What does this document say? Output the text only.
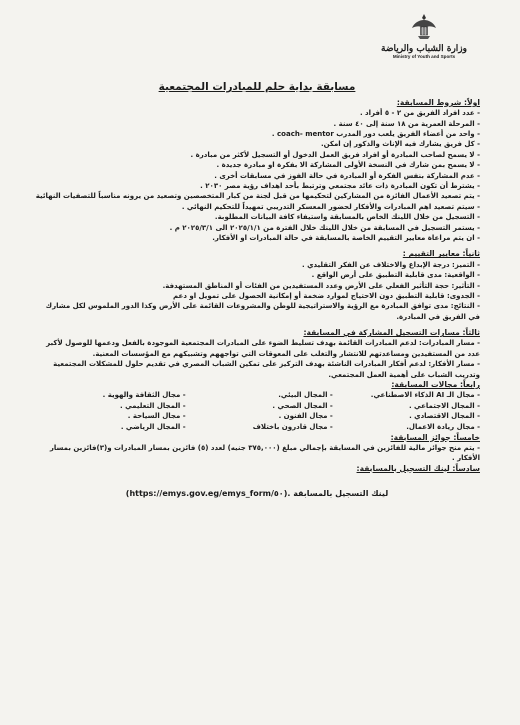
وزارة الشباب والرياضة
Ministry of Youth and Sports
مسابقة بداية حلم للمبادرات المجتمعية
اولاً: شروط المسابقة:
- عدد افراد الفريق من ٢ - ٥ أفراد .
- المرحلة العمرية من ١٨ سنة إلى ٤٠ سنة .
- واحد من أعضاء الفريق يلعب دور المدرب coach- mentor .
- كل فريق يشارك فيه الإناث والذكور إن امكن.
- لا يسمح لصاحب المبادرة أو افراد فريق العمل الدخول أو التسجيل لأكثر من مبادرة .
- لا يسمح بمن شارك في النسخة الأولى المشاركة الا بفكرة او مبادرة جديدة .
- عدم المشاركة بنفس الفكرة أو المبادرة في حالة الفوز في مسابقات أخرى .
- يشترط أن تكون المبادرة ذات عائد مجتمعي وترتبط بأحد اهداف رؤية مصر ٢٠٣٠ .
- يتم تصعيد الأعمال الفائزة من المشاركين لتحكيمها من قبل لجنة من كبار المتخصصين وتصعيد من يرونه مناسباً للتصفيات النهائية
- سيتم تصعيد اهم المبادرات والأفكار لحضور المعسكر التدريبي تمهيداً للتحكيم النهائي .
- التسجيل من خلال اللينك الخاص بالمسابقة واستيفاء كافة البيانات المطلوبة.
- يستمر التسجيل في المسابقة من خلال اللينك خلال الفترة من ٢٠٢٥/١/١ الى ٢٠٢٥/٣/١ م .
- ان يتم مراعاة معايير التقييم الخاصة بالمسابقة في حالة المبادرات او الأفكار.
ثانياً: معايير التقييم :
- التميز: درجة الإبداع والاختلاف عن الفكر التقليدي .
- الواقعية: مدى قابلية التطبيق على أرض الواقع .
- التأثير: حجة التأثير الفعلي على الأرض وعدد المستفيدين من الفئات أو المناطق المستهدفة.
- الجدوى: قابلية التطبيق دون الاحتياج لموارد ضخمة أو إمكانية الحصول على تمويل او دعم
- النتائج: مدى توافق المبادرة مع الرؤية والاستراتيجية للوطن والمشروعات القائمة على الأرض وكذا الدور الملموس لكل مشارك في الفريق في المبادرة.
ثالثاً: مسارات التسجيل المشاركة في المسابقة:
- مسار المبادرات: لدعم المبادرات القائمة بهدف تسليط الضوء على المبادرات المجتمعية الموجودة بالفعل ودعمها للوصول لأكبر عدد من المستفيدين ومساعدتهم للانتشار والتغلب على المعوقات التي تواجههم وتشبيكهم مع المؤسسات المعنية.
- مسار الأفكار: لدعم أفكار المبادرات الناشئة بهدف التركيز على تمكين الشباب المصري في تقديم حلول للمشكلات المجتمعية وتدريب الشباب على أهمية العمل المجتمعي.
رابعاً: مجالات المسابقة:
- مجال الـ AI الذكاء الاصطناعي.
- المجال البيئي.
- مجال الثقافة والهوية .
- المجال الاجتماعي .
- المجال الصحي .
- المجال التعليمي .
- المجال الاقتصادي .
- مجال الفنون .
- مجال السياحة .
- مجال ريادة الاعمال.
- مجال قادرون باختلاف
- المجال الرياضي .
خامساً: جوائز المسابقة:
- يتم منح جوائز مالية للفائزين في المسابقة بإجمالي مبلغ (٣٧٥,٠٠٠ جنيه) لعدد (٥) فائزين بمسار المبادرات و(٣)فائزين بمسار الأفكار .
سادساً: لينك التسجيل بالمسابقة:
لينك التسجيل بالمسابقة (https://emys.gov.eg/emys_form/٥٠).
